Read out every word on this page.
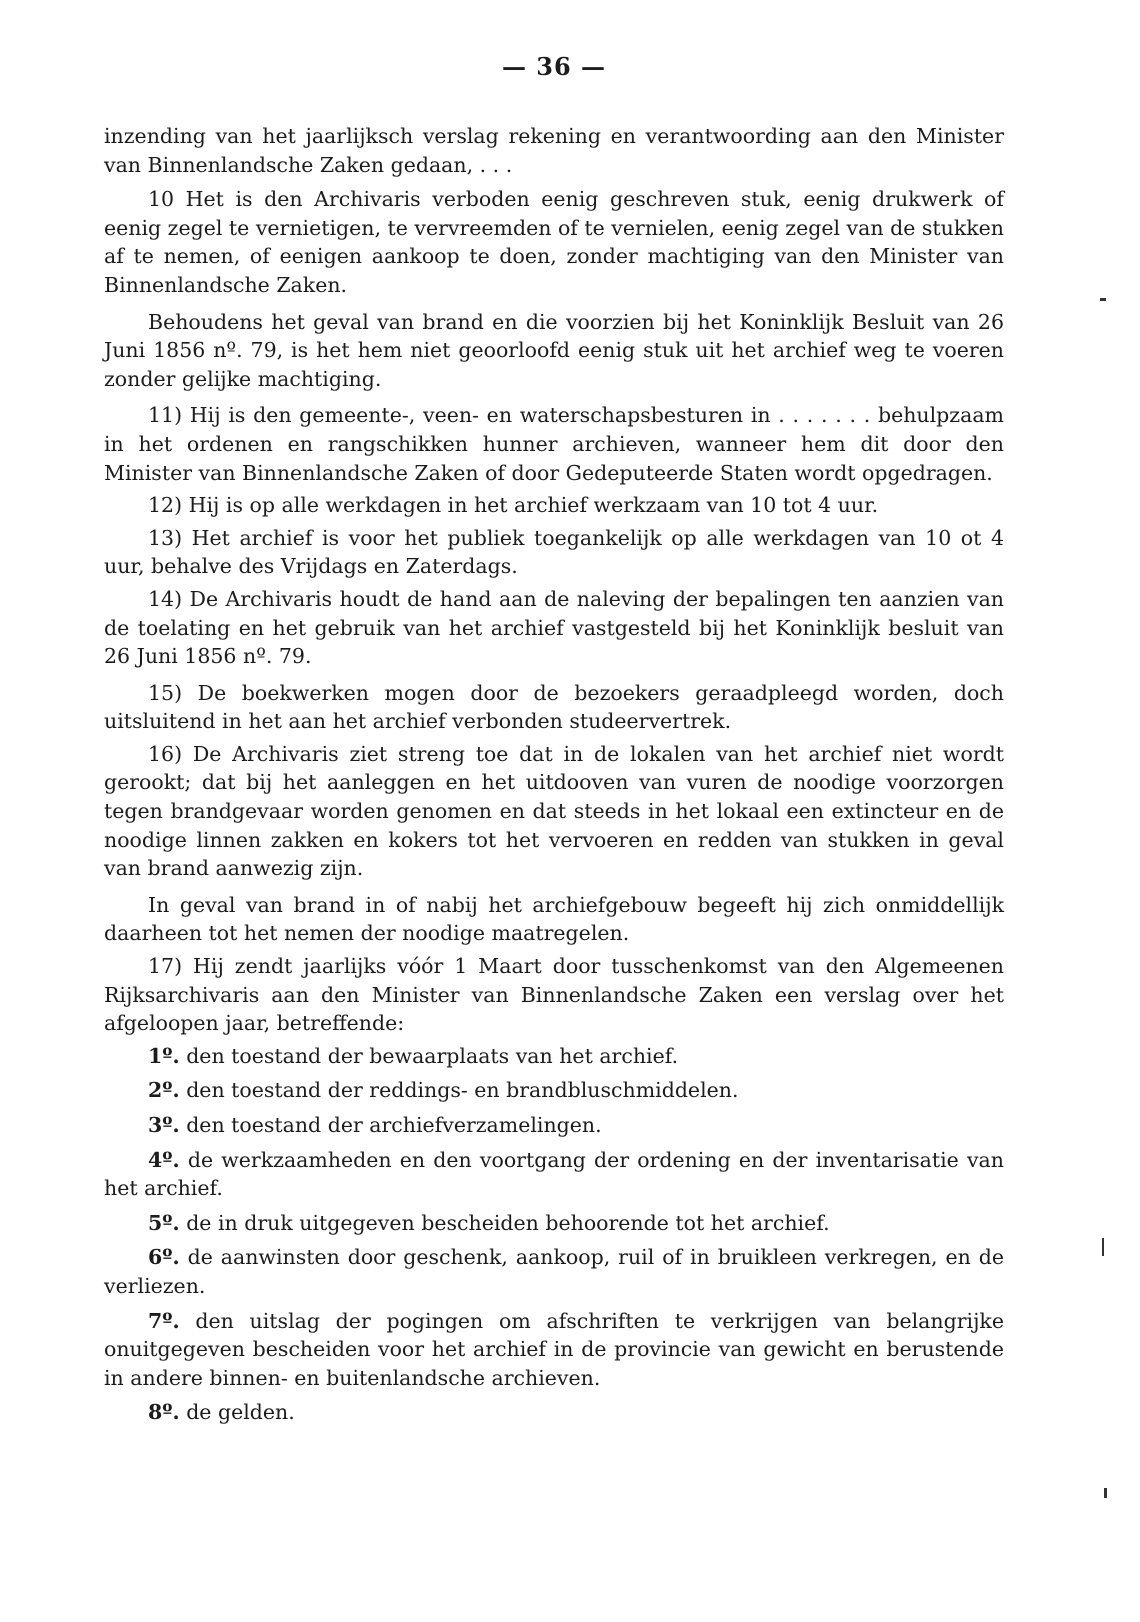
— 36 —

inzending van het jaarlijksch verslag rekening en verantwoording aan den Minister van Binnenlandsche Zaken gedaan, . . .

10 Het is den Archivaris verboden eenig geschreven stuk, eenig drukwerk of eenig zegel te vernietigen, te vervreemden of te vernielen, eenig zegel van de stukken af te nemen, of eenigen aankoop te doen, zonder machtiging van den Minister van Binnenlandsche Zaken.

Behoudens het geval van brand en die voorzien bij het Koninklijk Besluit van 26 Juni 1856 nº. 79, is het hem niet geoorloofd eenig stuk uit het archief weg te voeren zonder gelijke machtiging.

11) Hij is den gemeente-, veen- en waterschapsbesturen in . . . . . . . behulpzaam in het ordenen en rangschikken hunner archieven, wanneer hem dit door den Minister van Binnenlandsche Zaken of door Gedeputeerde Staten wordt opgedragen.

12) Hij is op alle werkdagen in het archief werkzaam van 10 tot 4 uur.

13) Het archief is voor het publiek toegankelijk op alle werkdagen van 10 ot 4 uur, behalve des Vrijdags en Zaterdags.

14) De Archivaris houdt de hand aan de naleving der bepalingen ten aanzien van de toelating en het gebruik van het archief vastgesteld bij het Koninklijk besluit van 26 Juni 1856 nº. 79.

15) De boekwerken mogen door de bezoekers geraadpleegd worden, doch uitsluitend in het aan het archief verbonden studeervertrek.

16) De Archivaris ziet streng toe dat in de lokalen van het archief niet wordt gerookt; dat bij het aanleggen en het uitdooven van vuren de noodige voorzorgen tegen brandgevaar worden genomen en dat steeds in het lokaal een extincteur en de noodige linnen zakken en kokers tot het vervoeren en redden van stukken in geval van brand aanwezig zijn.

In geval van brand in of nabij het archiefgebouw begeeft hij zich onmiddellijk daarheen tot het nemen der noodige maatregelen.

17) Hij zendt jaarlijks vóór 1 Maart door tusschenkomst van den Algemeenen Rijksarchivaris aan den Minister van Binnenlandsche Zaken een verslag over het afgeloopen jaar, betreffende:

1º. den toestand der bewaarplaats van het archief.

2º. den toestand der reddings- en brandbluschmiddelen.

3º. den toestand der archiefverzamelingen.

4º. de werkzaamheden en den voortgang der ordening en der inventarisatie van het archief.

5º. de in druk uitgegeven bescheiden behoorende tot het archief.

6º. de aanwinsten door geschenk, aankoop, ruil of in bruikleen verkregen, en de verliezen.

7º. den uitslag der pogingen om afschriften te verkrijgen van belangrijke onuitgegeven bescheiden voor het archief in de provincie van gewicht en berustende in andere binnen- en buitenlandsche archieven.

8º. de gelden.
